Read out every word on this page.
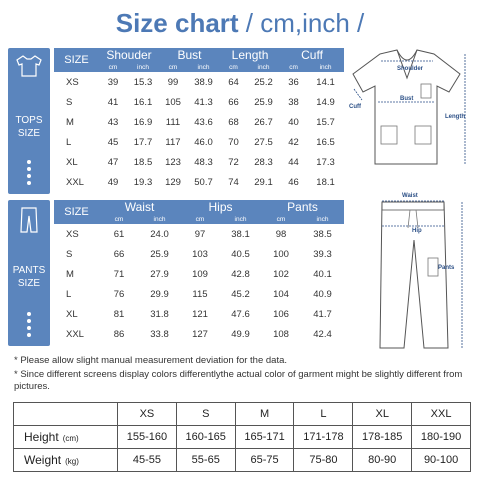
Size chart / cm,inch /
TOPS
SIZE
SIZE	Shouder		Bust		Length		Cuff	
	cm	inch	cm	inch	cm	inch	cm	inch
XS	39	15.3	99	38.9	64	25.2	36	14.1
S	41	16.1	105	41.3	66	25.9	38	14.9
M	43	16.9	111	43.6	68	26.7	40	15.7
L	45	17.7	117	46.0	70	27.5	42	16.5
XL	47	18.5	123	48.3	72	28.3	44	17.3
XXL	49	19.3	129	50.7	74	29.1	46	18.1
PANTS
SIZE
SIZE	Waist		Hips		Pants	
	cm	inch	cm	inch	cm	inch
XS	61	24.0	97	38.1	98	38.5
S	66	25.9	103	40.5	100	39.3
M	71	27.9	109	42.8	102	40.1
L	76	29.9	115	45.2	104	40.9
XL	81	31.8	121	47.6	106	41.7
XXL	86	33.8	127	49.9	108	42.4
Shoulder
Bust
Length
Cuff
Waist
Hip
Pants

* Please allow slight manual measurement deviation for the data.

* Since different screens display colors differentlythe actual color of garment might be slightly different from pictures.

	XS	S	M	L	XL	XXL
Height (cm)	155-160	160-165	165-171	171-178	178-185	180-190
Weight (kg)	45-55	55-65	65-75	75-80	80-90	90-100
